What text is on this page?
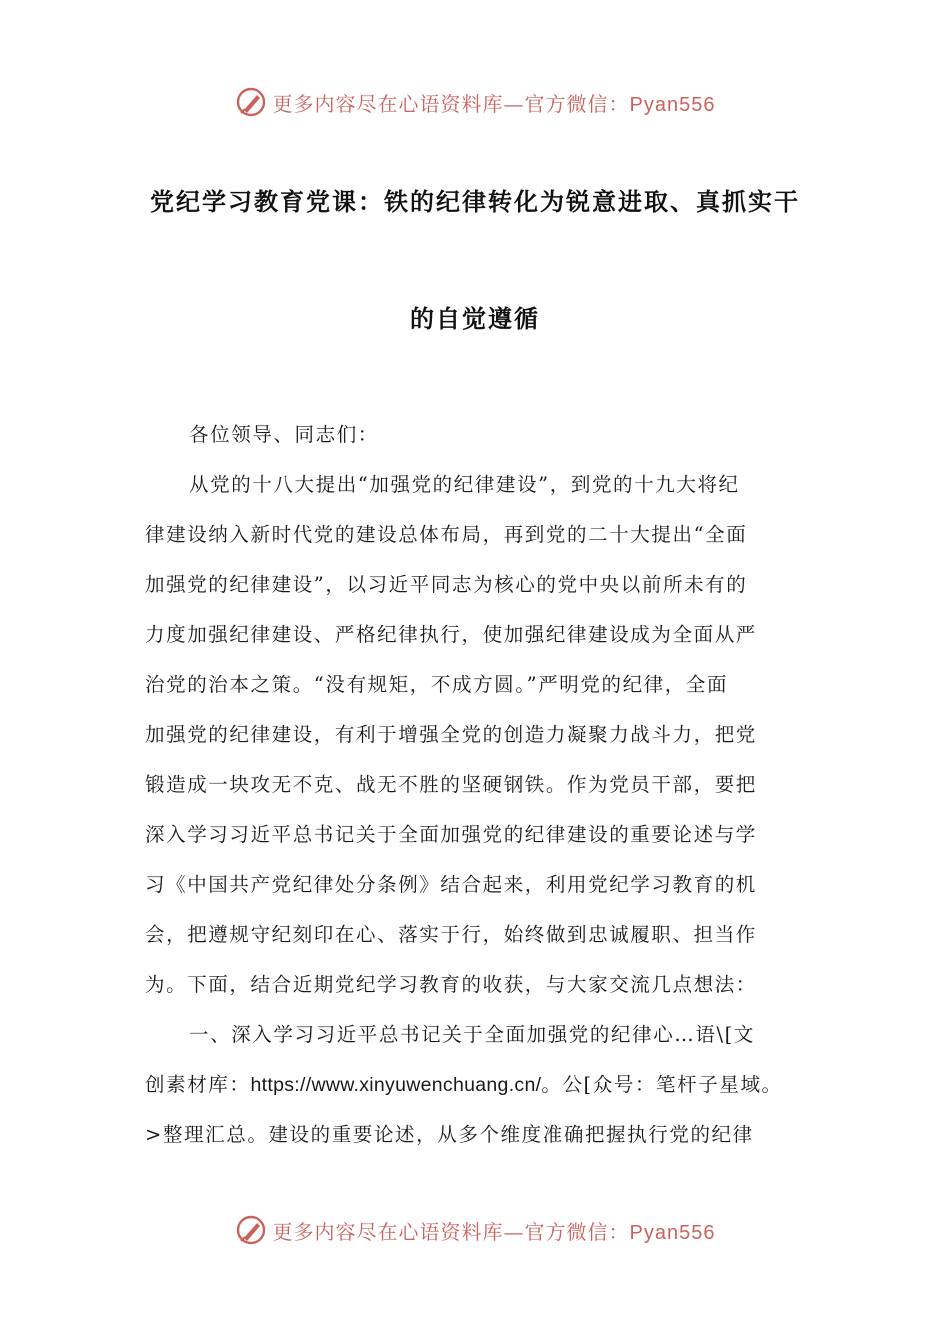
更多内容尽在心语资料库—官方微信：Pyan556
党纪学习教育党课：铁的纪律转化为锐意进取、真抓实干
的自觉遵循
各位领导、同志们：
从党的十八大提出“加强党的纪律建设”，到党的十九大将纪
律建设纳入新时代党的建设总体布局，再到党的二十大提出“全面
加强党的纪律建设”，以习近平同志为核心的党中央以前所未有的
力度加强纪律建设、严格纪律执行，使加强纪律建设成为全面从严
治党的治本之策。“没有规矩，不成方圆。”严明党的纪律，全面
加强党的纪律建设，有利于增强全党的创造力凝聚力战斗力，把党
锻造成一块攻无不克、战无不胜的坚硬钢铁。作为党员干部，要把
深入学习习近平总书记关于全面加强党的纪律建设的重要论述与学
习《中国共产党纪律处分条例》结合起来，利用党纪学习教育的机
会，把遵规守纪刻印在心、落实于行，始终做到忠诚履职、担当作
为。下面，结合近期党纪学习教育的收获，与大家交流几点想法：
一、深入学习习近平总书记关于全面加强党的纪律心…语\[文
创素材库：https://www.xinyuwenchuang.cn/。公[众号：笔杆子星域。
>整理汇总。建设的重要论述，从多个维度准确把握执行党的纪律
更多内容尽在心语资料库—官方微信：Pyan556
